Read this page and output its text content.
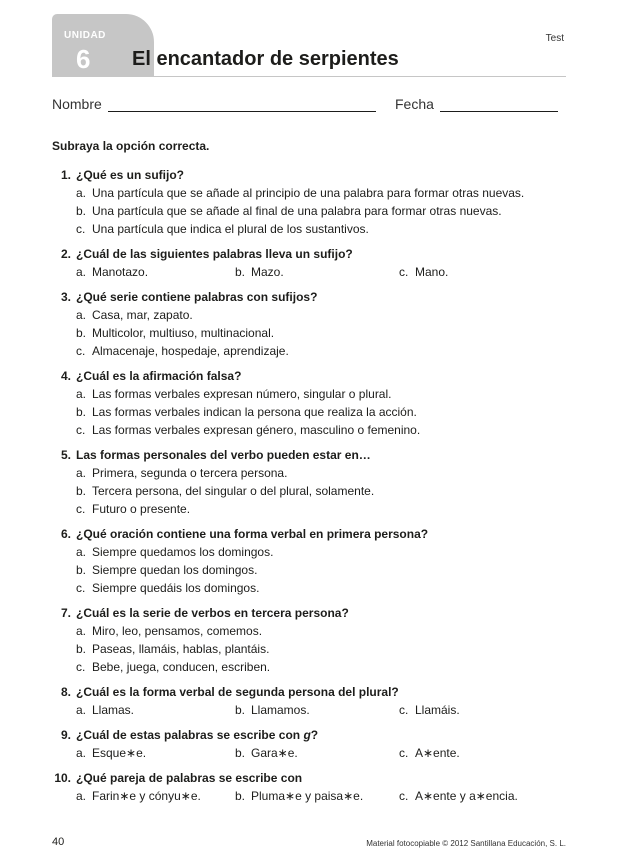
UNIDAD
6 El encantador de serpientes
Test
Nombre	Fecha
Subraya la opción correcta.
1. ¿Qué es un sufijo?
a. Una partícula que se añade al principio de una palabra para formar otras nuevas.
b. Una partícula que se añade al final de una palabra para formar otras nuevas.
c. Una partícula que indica el plural de los sustantivos.
2. ¿Cuál de las siguientes palabras lleva un sufijo?
a. Manotazo.	b. Mazo.	c. Mano.
3. ¿Qué serie contiene palabras con sufijos?
a. Casa, mar, zapato.
b. Multicolor, multiuso, multinacional.
c. Almacenaje, hospedaje, aprendizaje.
4. ¿Cuál es la afirmación falsa?
a. Las formas verbales expresan número, singular o plural.
b. Las formas verbales indican la persona que realiza la acción.
c. Las formas verbales expresan género, masculino o femenino.
5. Las formas personales del verbo pueden estar en…
a. Primera, segunda o tercera persona.
b. Tercera persona, del singular o del plural, solamente.
c. Futuro o presente.
6. ¿Qué oración contiene una forma verbal en primera persona?
a. Siempre quedamos los domingos.
b. Siempre quedan los domingos.
c. Siempre quedáis los domingos.
7. ¿Cuál es la serie de verbos en tercera persona?
a. Miro, leo, pensamos, comemos.
b. Paseas, llamáis, hablas, plantáis.
c. Bebe, juega, conducen, escriben.
8. ¿Cuál es la forma verbal de segunda persona del plural?
a. Llamas.	b. Llamamos.	c. Llamáis.
9. ¿Cuál de estas palabras se escribe con g?
a. Esque∗e.	b. Gara∗e.	c. A∗ente.
10. ¿Qué pareja de palabras se escribe con
a. Farin∗e y cónyu∗e.	b. Pluma∗e y paisa∗e.	c. A∗ente y a∗encia.
40	Material fotocopiable © 2012 Santillana Educación, S. L.
